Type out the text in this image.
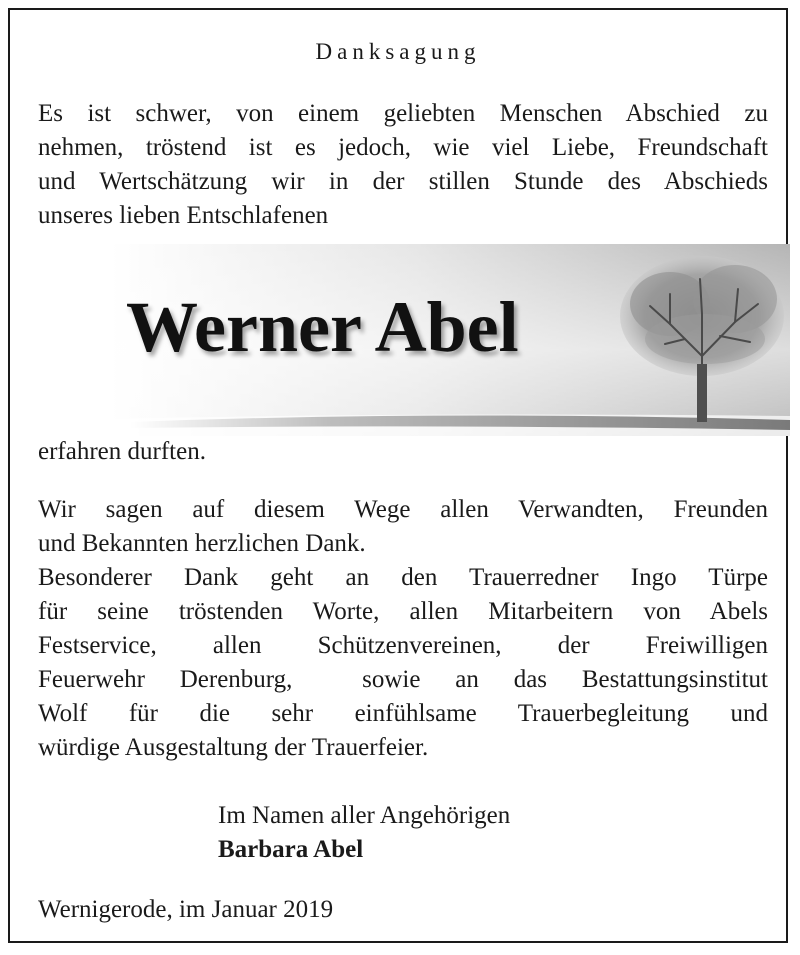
Danksagung
Es ist schwer, von einem geliebten Menschen Abschied zu
nehmen, tröstend ist es jedoch, wie viel Liebe, Freundschaft
und Wertschätzung wir in der stillen Stunde des Abschieds
unseres lieben Entschlafenen
Werner Abel
erfahren durften.
Wir sagen auf diesem Wege allen Verwandten, Freunden
und Bekannten herzlichen Dank.
Besonderer Dank geht an den Trauerredner Ingo Türpe
für seine tröstenden Worte, allen Mitarbeitern von Abels
Festservice, allen Schützenvereinen, der Freiwilligen
Feuerwehr Derenburg,  sowie an das Bestattungsinstitut
Wolf für die sehr einfühlsame Trauerbegleitung und
würdige Ausgestaltung der Trauerfeier.
Im Namen aller Angehörigen
Barbara Abel
Wernigerode, im Januar 2019
